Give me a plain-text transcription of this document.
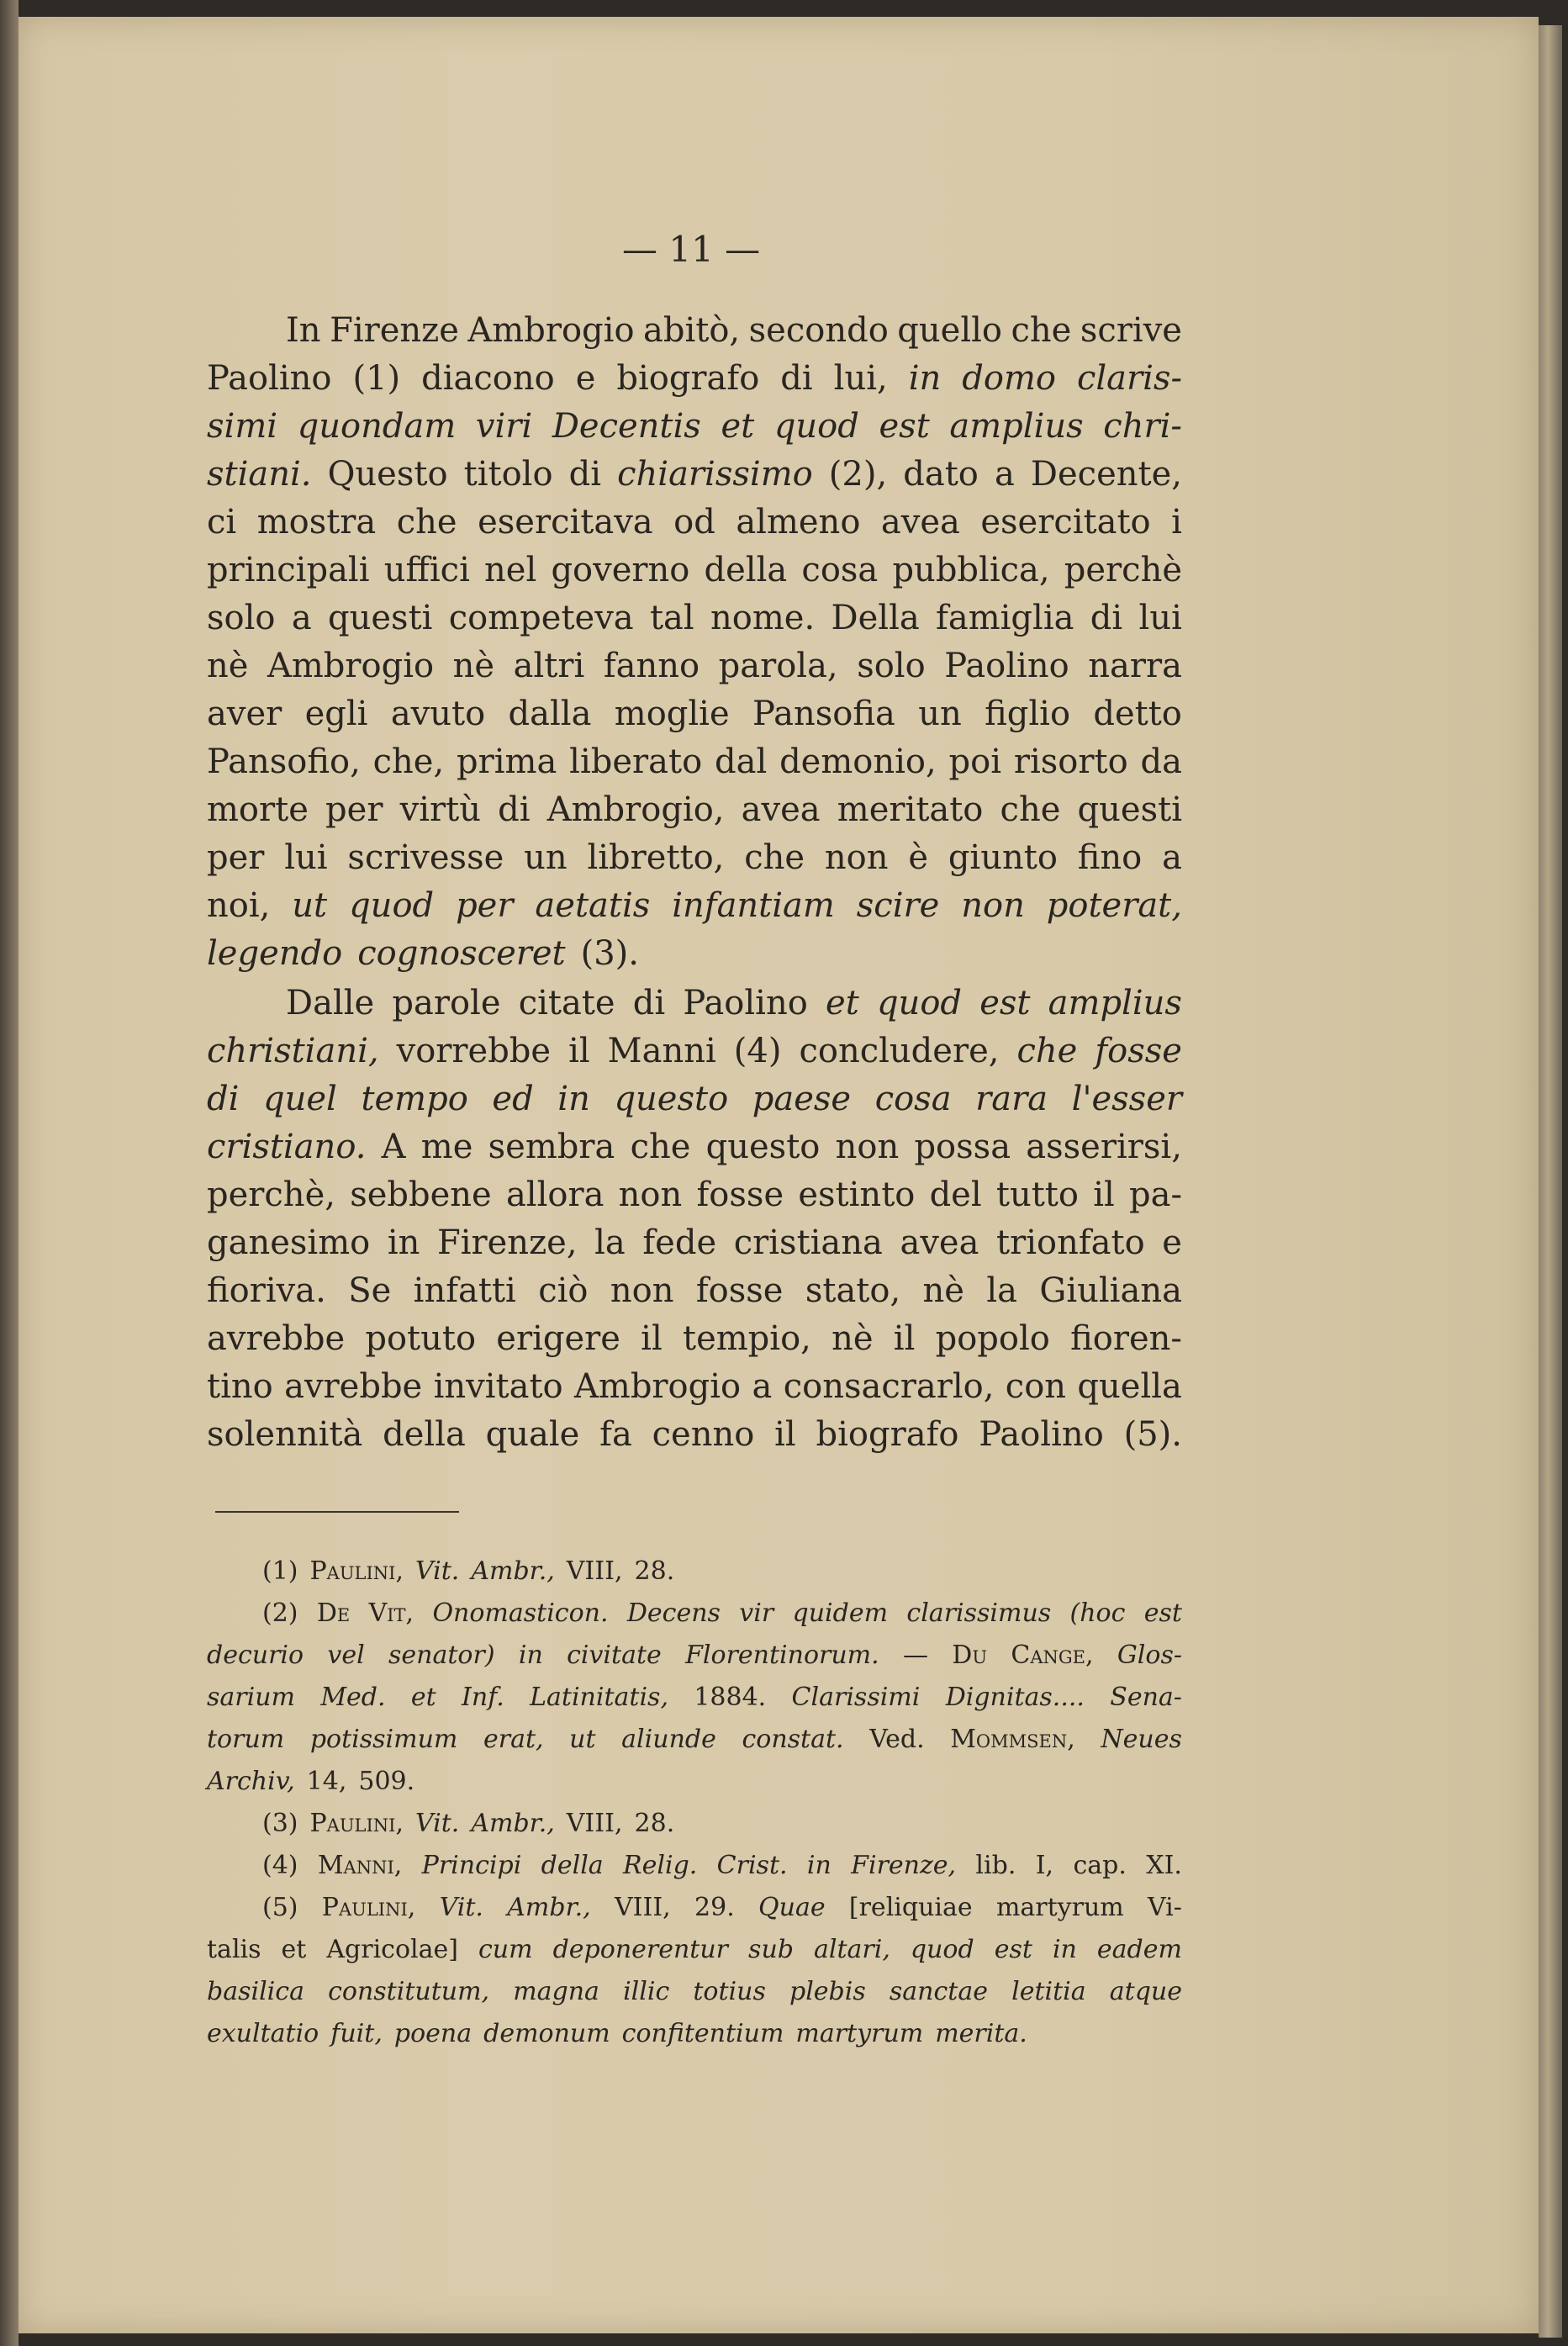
— 11 —
In Firenze Ambrogio abitò, secondo quello che scrive
Paolino (1) diacono e biografo di lui, in domo claris-
simi quondam viri Decentis et quod est amplius chri-
stiani. Questo titolo di chiarissimo (2), dato a Decente,
ci mostra che esercitava od almeno avea esercitato i
principali uffici nel governo della cosa pubblica, perchè
solo a questi competeva tal nome. Della famiglia di lui
nè Ambrogio nè altri fanno parola, solo Paolino narra
aver egli avuto dalla moglie Pansofia un figlio detto
Pansofio, che, prima liberato dal demonio, poi risorto da
morte per virtù di Ambrogio, avea meritato che questi
per lui scrivesse un libretto, che non è giunto fino a
noi, ut quod per aetatis infantiam scire non poterat,
legendo cognosceret (3).
Dalle parole citate di Paolino et quod est amplius
christiani, vorrebbe il Manni (4) concludere, che fosse
di quel tempo ed in questo paese cosa rara l'esser
cristiano. A me sembra che questo non possa asserirsi,
perchè, sebbene allora non fosse estinto del tutto il pa-
ganesimo in Firenze, la fede cristiana avea trionfato e
fioriva. Se infatti ciò non fosse stato, nè la Giuliana
avrebbe potuto erigere il tempio, nè il popolo fioren-
tino avrebbe invitato Ambrogio a consacrarlo, con quella
solennità della quale fa cenno il biografo Paolino (5).
(1) Paulini, Vit. Ambr., VIII, 28.
(2) De Vit, Onomasticon. Decens vir quidem clarissimus (hoc est
decurio vel senator) in civitate Florentinorum. — Du Cange, Glos-
sarium Med. et Inf. Latinitatis, 1884. Clarissimi Dignitas.... Sena-
torum potissimum erat, ut aliunde constat. Ved. Mommsen, Neues
Archiv, 14, 509.
(3) Paulini, Vit. Ambr., VIII, 28.
(4) Manni, Principi della Relig. Crist. in Firenze, lib. I, cap. XI.
(5) Paulini, Vit. Ambr., VIII, 29. Quae [reliquiae martyrum Vi-
talis et Agricolae] cum deponerentur sub altari, quod est in eadem
basilica constitutum, magna illic totius plebis sanctae letitia atque
exultatio fuit, poena demonum confitentium martyrum merita.
